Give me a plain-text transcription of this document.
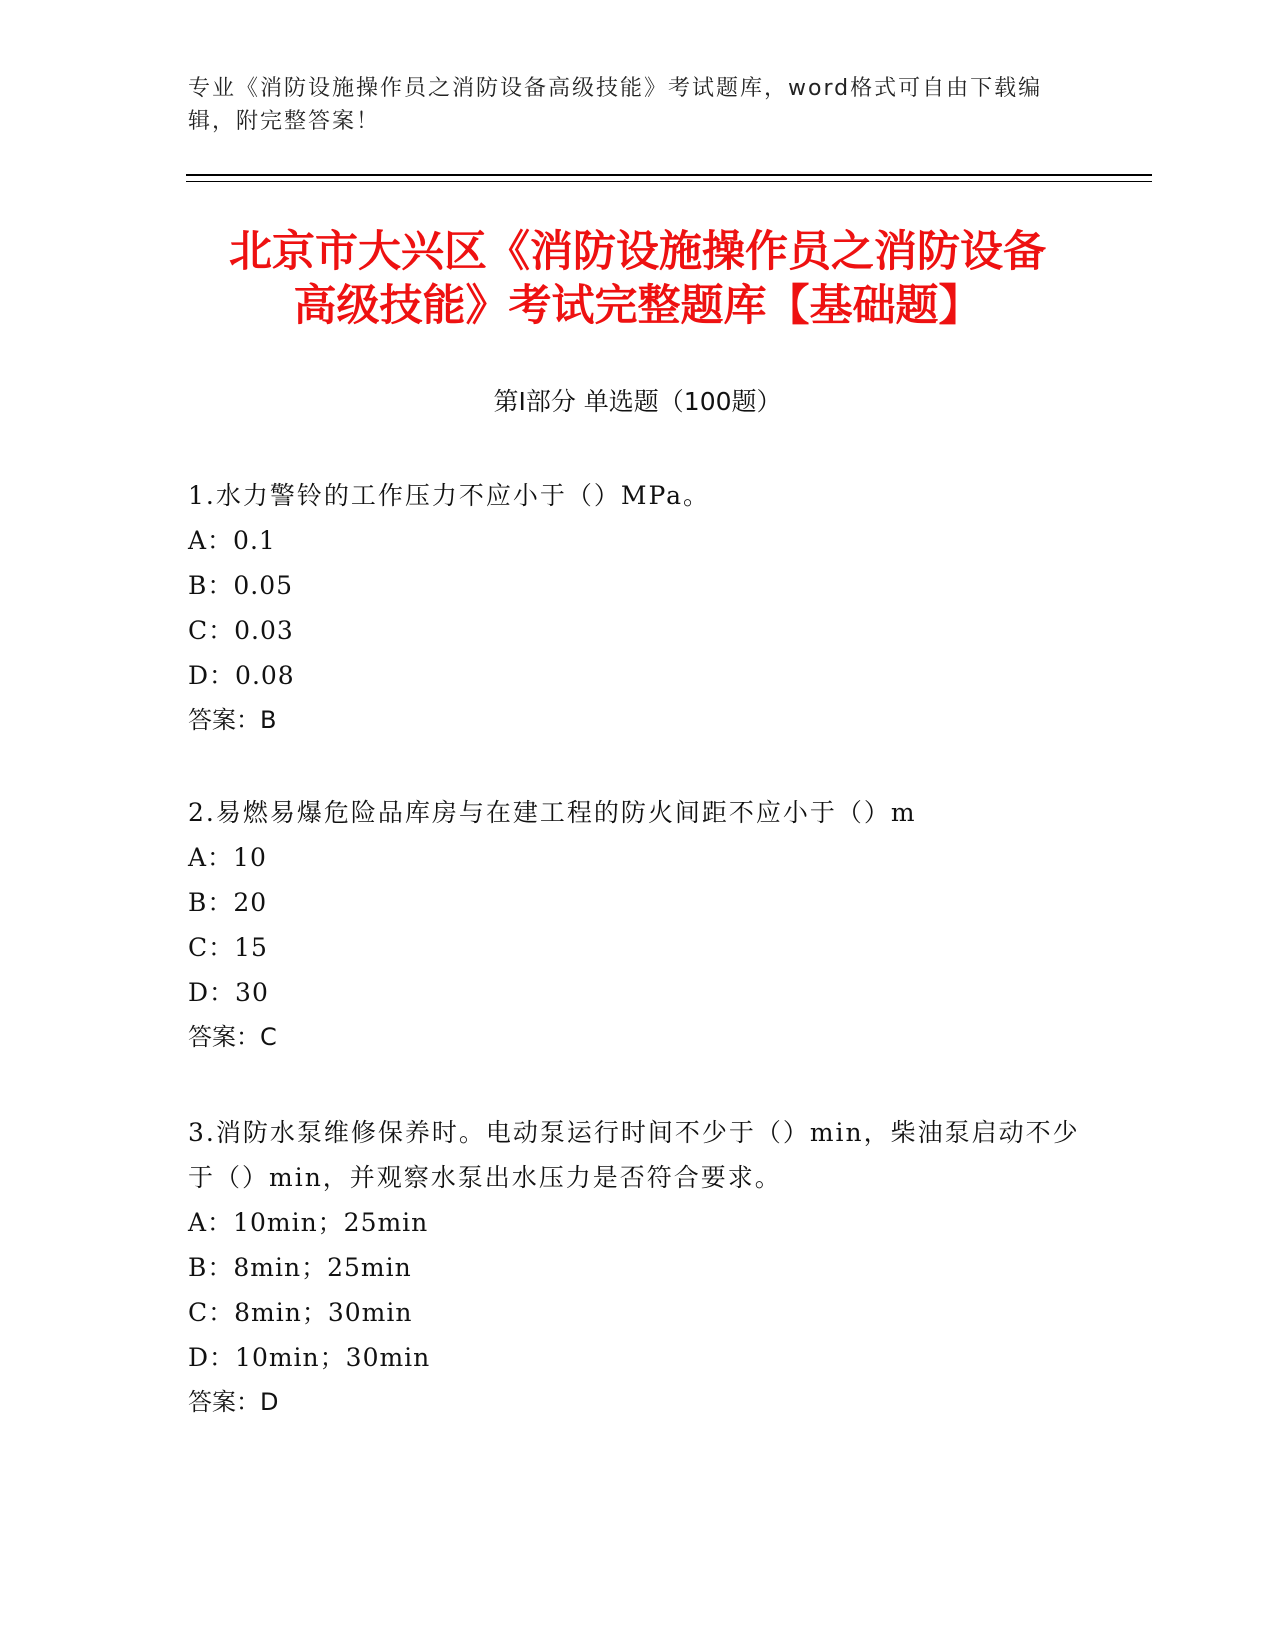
专业《消防设施操作员之消防设备高级技能》考试题库，word格式可自由下载编辑，附完整答案！
北京市大兴区《消防设施操作员之消防设备
高级技能》考试完整题库【基础题】
第I部分 单选题（100题）

1.水力警铃的工作压力不应小于（）MPa。

A：0.1

B：0.05

C：0.03

D：0.08

答案：B

2.易燃易爆危险品库房与在建工程的防火间距不应小于（）m

A：10

B：20

C：15

D：30

答案：C

3.消防水泵维修保养时。电动泵运行时间不少于（）min，柴油泵启动不少于（）min，并观察水泵出水压力是否符合要求。

A：10min；25min

B：8min；25min

C：8min；30min

D：10min；30min

答案：D
